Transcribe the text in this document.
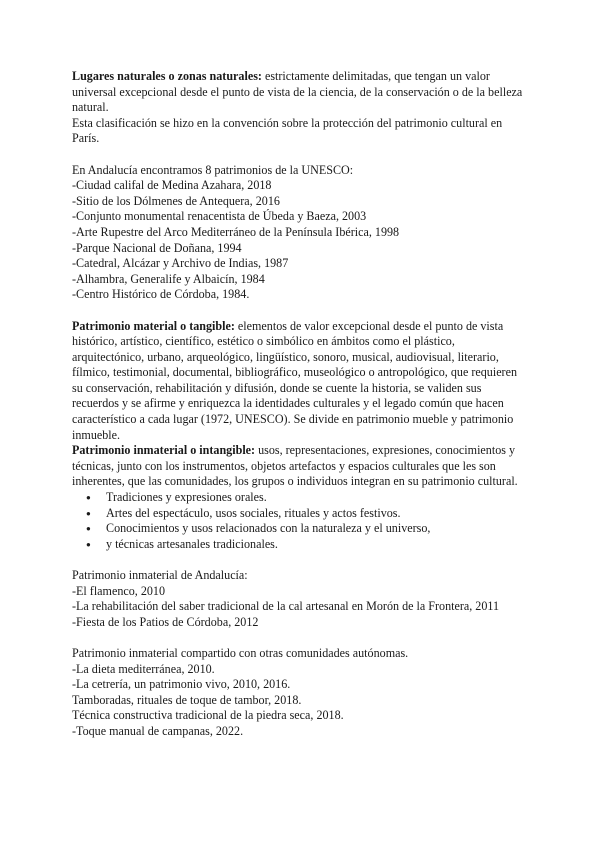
Lugares naturales o zonas naturales: estrictamente delimitadas, que tengan un valor
universal excepcional desde el punto de vista de la ciencia, de la conservación o de la belleza
natural.
Esta clasificación se hizo en la convención sobre la protección del patrimonio cultural en
París.
En Andalucía encontramos 8 patrimonios de la UNESCO:
-Ciudad califal de Medina Azahara, 2018
-Sitio de los Dólmenes de Antequera, 2016
-Conjunto monumental renacentista de Úbeda y Baeza, 2003
-Arte Rupestre del Arco Mediterráneo de la Península Ibérica, 1998
-Parque Nacional de Doñana, 1994
-Catedral, Alcázar y Archivo de Indias, 1987
-Alhambra, Generalife y Albaicín, 1984
-Centro Histórico de Córdoba, 1984.
Patrimonio material o tangible: elementos de valor excepcional desde el punto de vista
histórico, artístico, científico, estético o simbólico en ámbitos como el plástico,
arquitectónico, urbano, arqueológico, lingüístico, sonoro, musical, audiovisual, literario,
fílmico, testimonial, documental, bibliográfico, museológico o antropológico, que requieren
su conservación, rehabilitación y difusión, donde se cuente la historia, se validen sus
recuerdos y se afirme y enriquezca la identidades culturales y el legado común que hacen
característico a cada lugar (1972, UNESCO). Se divide en patrimonio mueble y patrimonio
inmueble.
Patrimonio inmaterial o intangible: usos, representaciones, expresiones, conocimientos y
técnicas, junto con los instrumentos, objetos artefactos y espacios culturales que les son
inherentes, que las comunidades, los grupos o individuos integran en su patrimonio cultural.
● Tradiciones y expresiones orales.
● Artes del espectáculo, usos sociales, rituales y actos festivos.
● Conocimientos y usos relacionados con la naturaleza y el universo,
● y técnicas artesanales tradicionales.
Patrimonio inmaterial de Andalucía:
-El flamenco, 2010
-La rehabilitación del saber tradicional de la cal artesanal en Morón de la Frontera, 2011
-Fiesta de los Patios de Córdoba, 2012
Patrimonio inmaterial compartido con otras comunidades autónomas.
-La dieta mediterránea, 2010.
-La cetrería, un patrimonio vivo, 2010, 2016.
Tamboradas, rituales de toque de tambor, 2018.
Técnica constructiva tradicional de la piedra seca, 2018.
-Toque manual de campanas, 2022.
